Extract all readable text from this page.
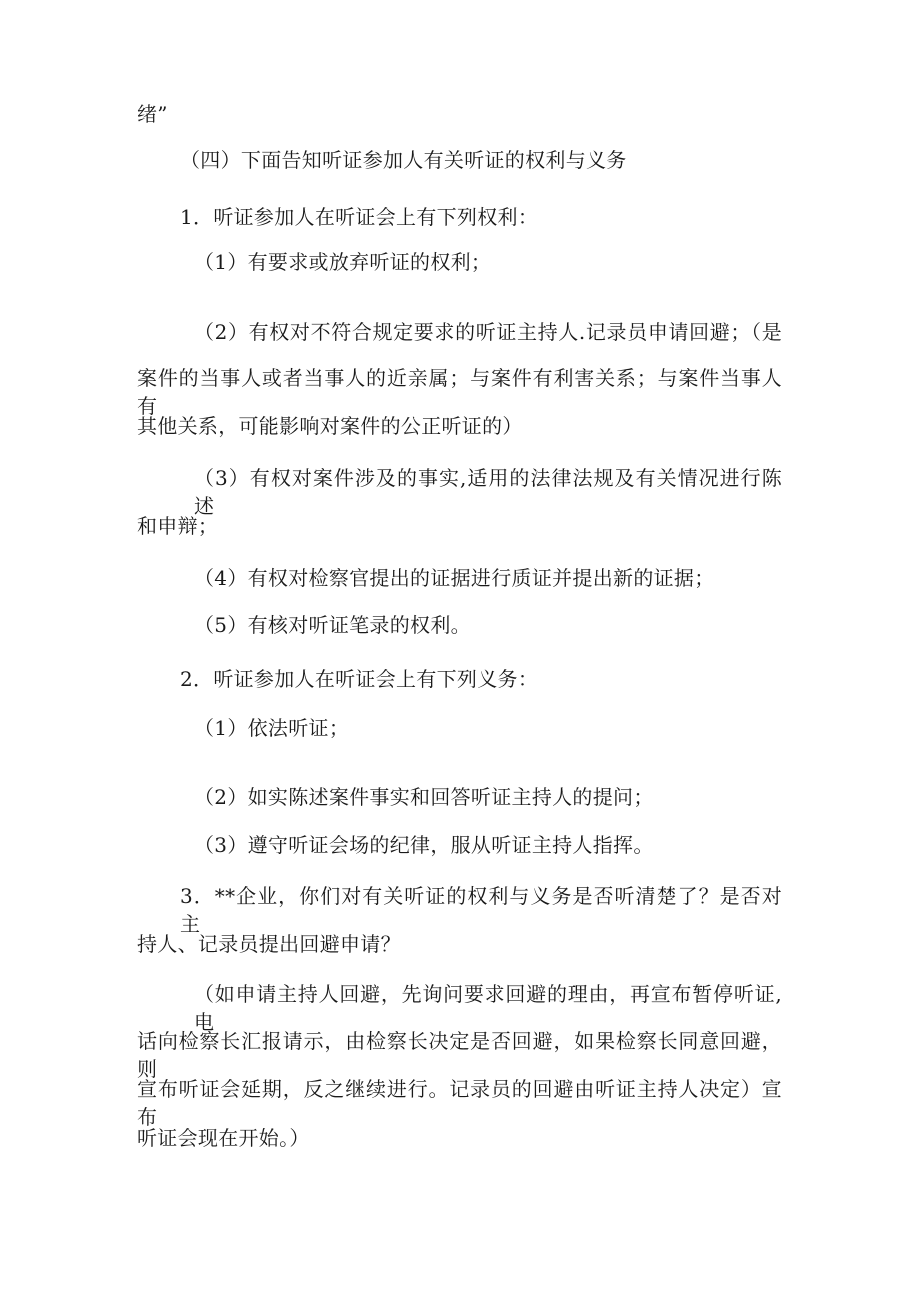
绪”
（四）下面告知听证参加人有关听证的权利与义务
1．听证参加人在听证会上有下列权利：
（1）有要求或放弃听证的权利；
（2）有权对不符合规定要求的听证主持人.记录员申请回避；（是
案件的当事人或者当事人的近亲属；与案件有利害关系；与案件当事人有
其他关系，可能影响对案件的公正听证的）
（3）有权对案件涉及的事实,适用的法律法规及有关情况进行陈述
和申辩；
（4）有权对检察官提出的证据进行质证并提出新的证据；
（5）有核对听证笔录的权利。
2．听证参加人在听证会上有下列义务：
（1）依法听证；
（2）如实陈述案件事实和回答听证主持人的提问；
（3）遵守听证会场的纪律，服从听证主持人指挥。
3．**企业，你们对有关听证的权利与义务是否听清楚了？是否对主
持人、记录员提出回避申请？
（如申请主持人回避，先询问要求回避的理由，再宣布暂停听证,电
话向检察长汇报请示，由检察长决定是否回避，如果检察长同意回避，则
宣布听证会延期，反之继续进行。记录员的回避由听证主持人决定）宣布
听证会现在开始。）
